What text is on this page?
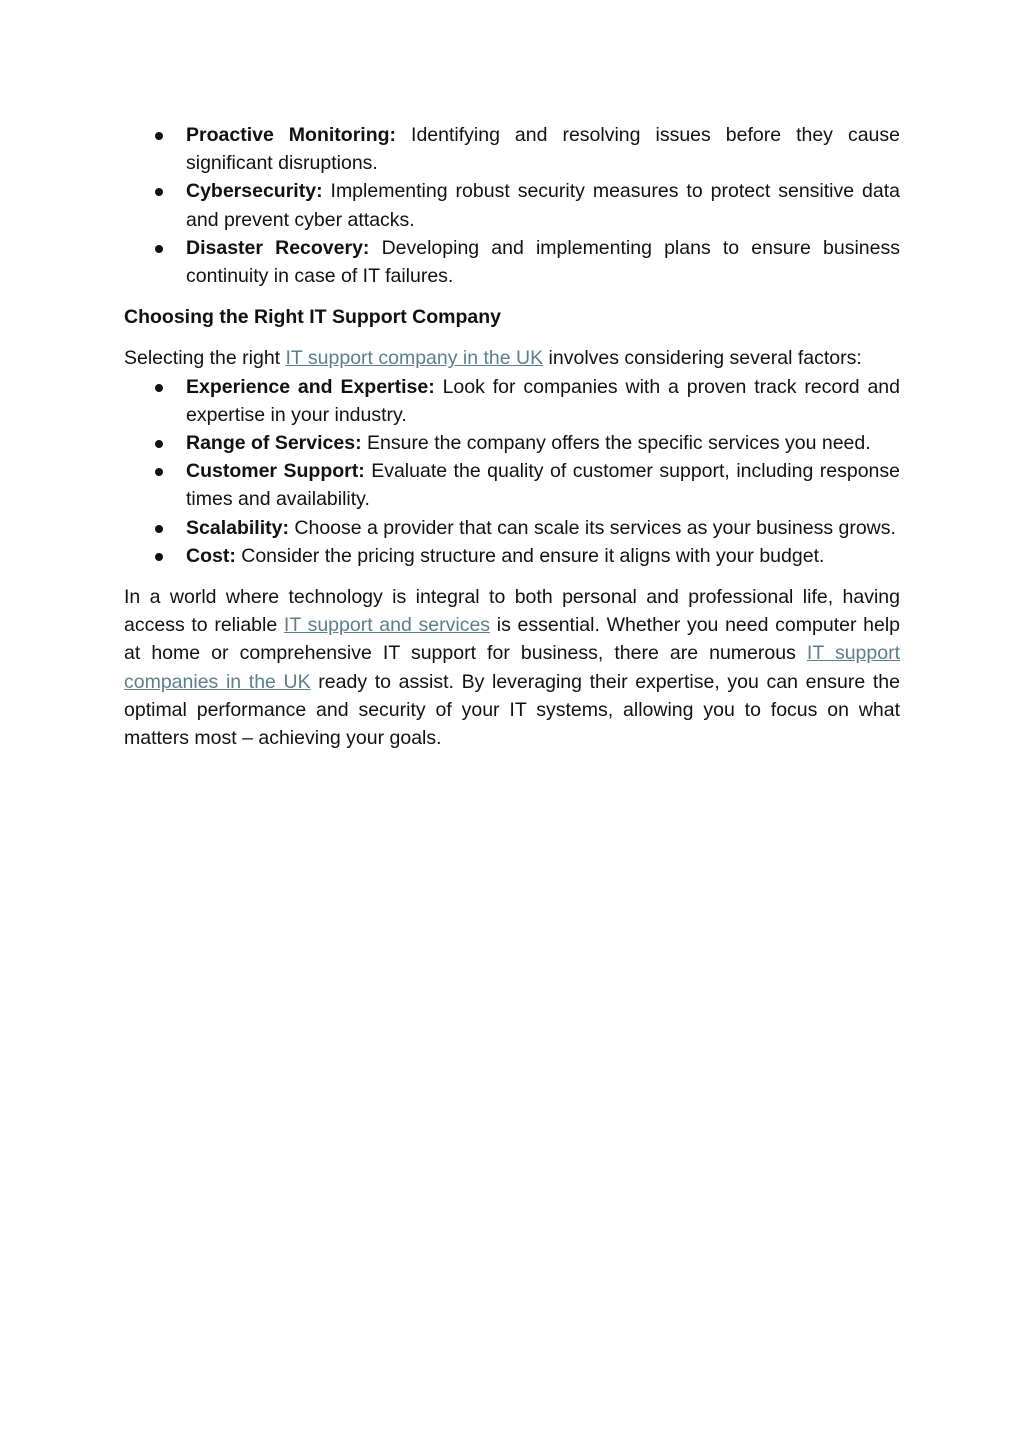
Proactive Monitoring: Identifying and resolving issues before they cause significant disruptions.
Cybersecurity: Implementing robust security measures to protect sensitive data and prevent cyber attacks.
Disaster Recovery: Developing and implementing plans to ensure business continuity in case of IT failures.

Choosing the Right IT Support Company

Selecting the right IT support company in the UK involves considering several factors:

Experience and Expertise: Look for companies with a proven track record and expertise in your industry.
Range of Services: Ensure the company offers the specific services you need.
Customer Support: Evaluate the quality of customer support, including response times and availability.
Scalability: Choose a provider that can scale its services as your business grows.
Cost: Consider the pricing structure and ensure it aligns with your budget.

In a world where technology is integral to both personal and professional life, having access to reliable IT support and services is essential. Whether you need computer help at home or comprehensive IT support for business, there are numerous IT support companies in the UK ready to assist. By leveraging their expertise, you can ensure the optimal performance and security of your IT systems, allowing you to focus on what matters most – achieving your goals.
